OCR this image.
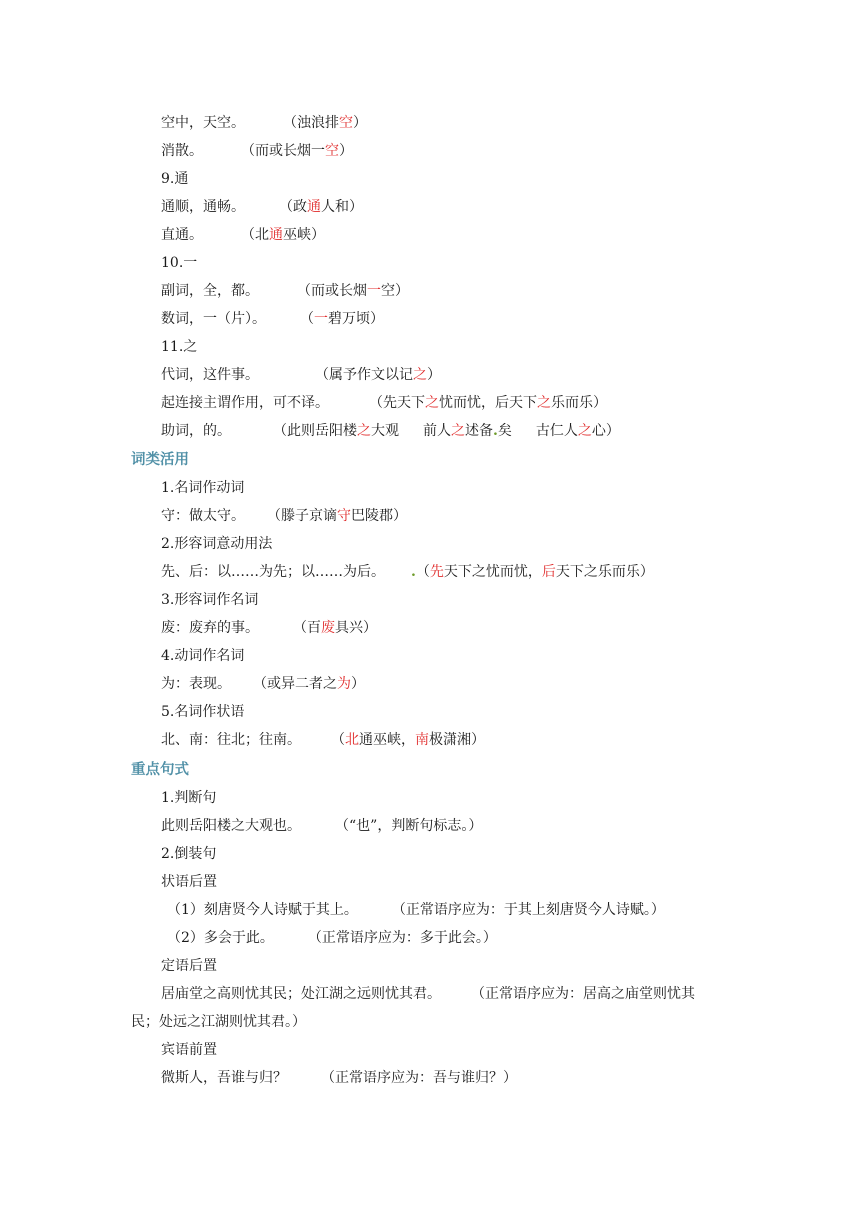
空中，天空。	（浊浪排空）
消散。	（而或长烟一空）
9.通
通顺，通畅。 （政通人和）
直通。	（北通巫峡）
10.一
副词，全，都。	（而或长烟一空）
数词，一（片）。 （一碧万顷）
11.之
代词，这件事。	（属予作文以记之）
起连接主谓作用，可不译。	（先天下之忧而忧，后天下之乐而乐）
助词，的。	（此则岳阳楼之大观 前人之述备.矣 古仁人之心）
词类活用
1.名词作动词
守：做太守。 （滕子京谪守巴陵郡）
2.形容词意动用法
先、后：以……为先；以……为后。 .（先天下之忧而忧，后天下之乐而乐）
3.形容词作名词
废：废弃的事。 （百废具兴）
4.动词作名词
为：表现。 （或异二者之为）
5.名词作状语
北、南：往北；往南。 （北通巫峡，南极潇湘）
重点句式
1.判断句
此则岳阳楼之大观也。 （“也”，判断句标志。）
2.倒装句
状语后置
（1）刻唐贤今人诗赋于其上。 （正常语序应为：于其上刻唐贤今人诗赋。）
（2）多会于此。 （正常语序应为：多于此会。）
定语后置
居庙堂之高则忧其民；处江湖之远则忧其君。 （正常语序应为：居高之庙堂则忧其
民；处远之江湖则忧其君。）
宾语前置
微斯人，吾谁与归？ （正常语序应为：吾与谁归？）
